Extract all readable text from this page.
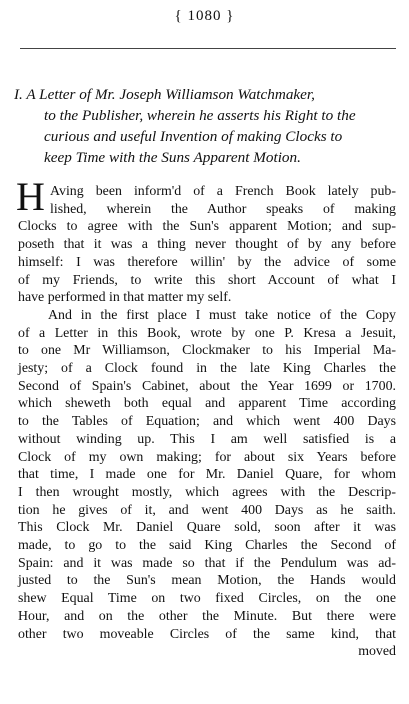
{ 1080 }
I. A Letter of Mr. Joseph Williamson Watchmaker,
to the Publisher, wherein he asserts his Right to the
curious and useful Invention of making Clocks to
keep Time with the Suns Apparent Motion.
H Aving been inform'd of a French Book lately pub-
lished, wherein the Author speaks of making
Clocks to agree with the Sun's apparent Motion; and sup-
poseth that it was a thing never thought of by any before
himself: I was therefore willin' by the advice of some
of my Friends, to write this short Account of what I
have performed in that matter my self.
And in the first place I must take notice of the Copy
of a Letter in this Book, wrote by one P. Kresa a Jesuit,
to one Mr Williamson, Clockmaker to his Imperial Ma-
jesty; of a Clock found in the late King Charles the
Second of Spain's Cabinet, about the Year 1699 or 1700.
which sheweth both equal and apparent Time according
to the Tables of Equation; and which went 400 Days
without winding up. This I am well satisfied is a
Clock of my own making; for about six Years before
that time, I made one for Mr. Daniel Quare, for whom
I then wrought mostly, which agrees with the Descrip-
tion he gives of it, and went 400 Days as he saith.
This Clock Mr. Daniel Quare sold, soon after it was
made, to go to the said King Charles the Second of
Spain: and it was made so that if the Pendulum was ad-
justed to the Sun's mean Motion, the Hands would
shew Equal Time on two fixed Circles, on the one
Hour, and on the other the Minute. But there were
other two moveable Circles of the same kind, that
moved
